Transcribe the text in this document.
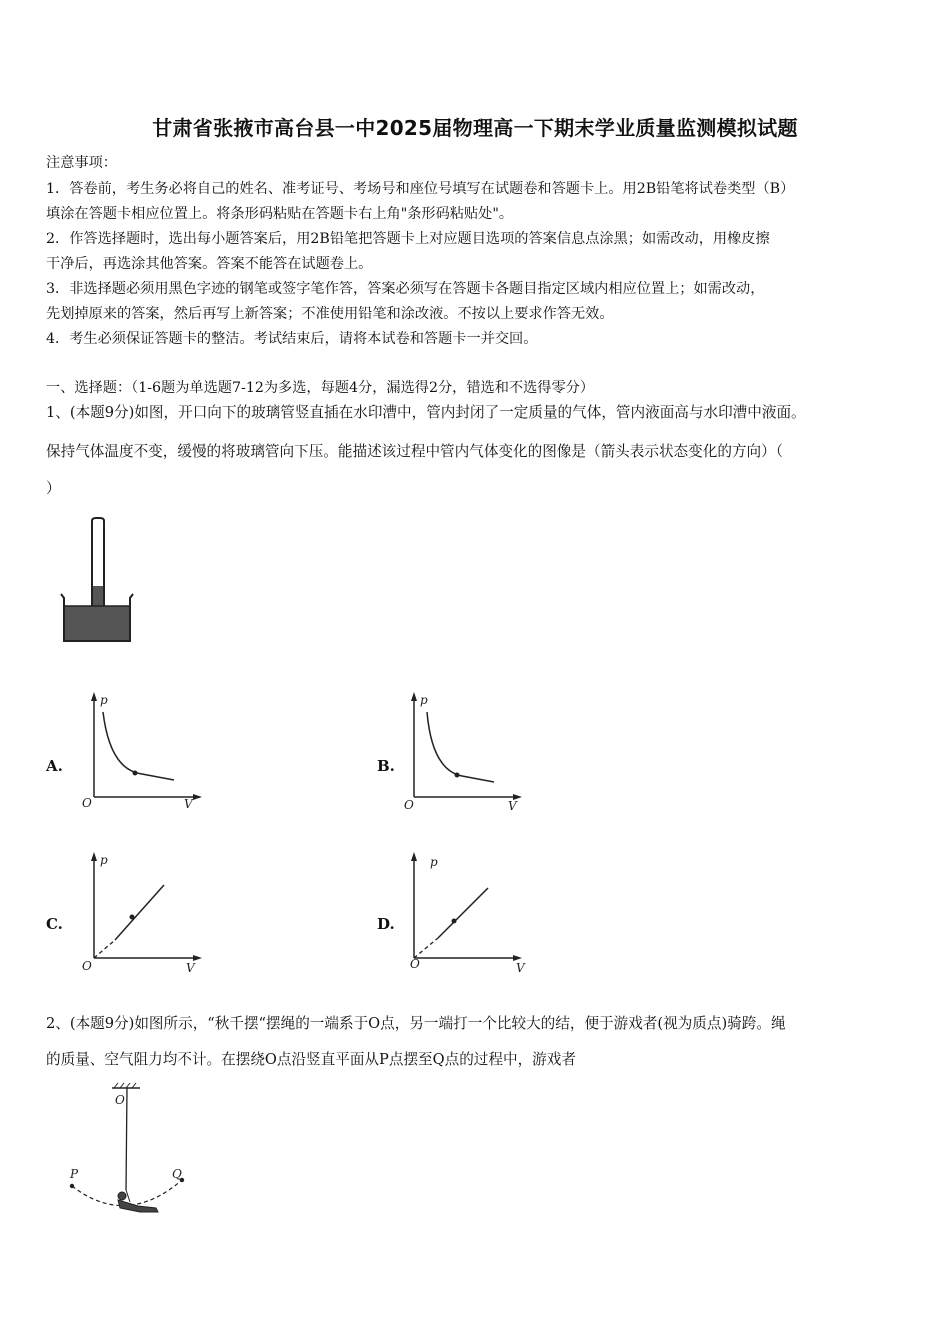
甘肃省张掖市高台县一中2025届物理高一下期末学业质量监测模拟试题
注意事项：
1．答卷前，考生务必将自己的姓名、准考证号、考场号和座位号填写在试题卷和答题卡上。用2B铅笔将试卷类型（B）
填涂在答题卡相应位置上。将条形码粘贴在答题卡右上角"条形码粘贴处"。
2．作答选择题时，选出每小题答案后，用2B铅笔把答题卡上对应题目选项的答案信息点涂黑；如需改动，用橡皮擦
干净后，再选涂其他答案。答案不能答在试题卷上。
3．非选择题必须用黑色字迹的钢笔或签字笔作答，答案必须写在答题卡各题目指定区域内相应位置上；如需改动，
先划掉原来的答案，然后再写上新答案；不准使用铅笔和涂改液。不按以上要求作答无效。
4．考生必须保证答题卡的整洁。考试结束后，请将本试卷和答题卡一并交回。
一、选择题：（1-6题为单选题7-12为多选，每题4分，漏选得2分，错选和不选得零分）
1、(本题9分)如图，开口向下的玻璃管竖直插在水印漕中，管内封闭了一定质量的气体，管内液面高与水印漕中液面。
保持气体温度不变，缓慢的将玻璃管向下压。能描述该过程中管内气体变化的图像是（箭头表示状态变化的方向）（
）
A.
p
O	V
B.
p
O	V
C.
p
O	V
D.
p
O	V
2、(本题9分)如图所示，“秋千摆“摆绳的一端系于O点，另一端打一个比较大的结，便于游戏者(视为质点)骑跨。绳
的质量、空气阻力均不计。在摆绕O点沿竖直平面从P点摆至Q点的过程中，游戏者
O
P	Q
